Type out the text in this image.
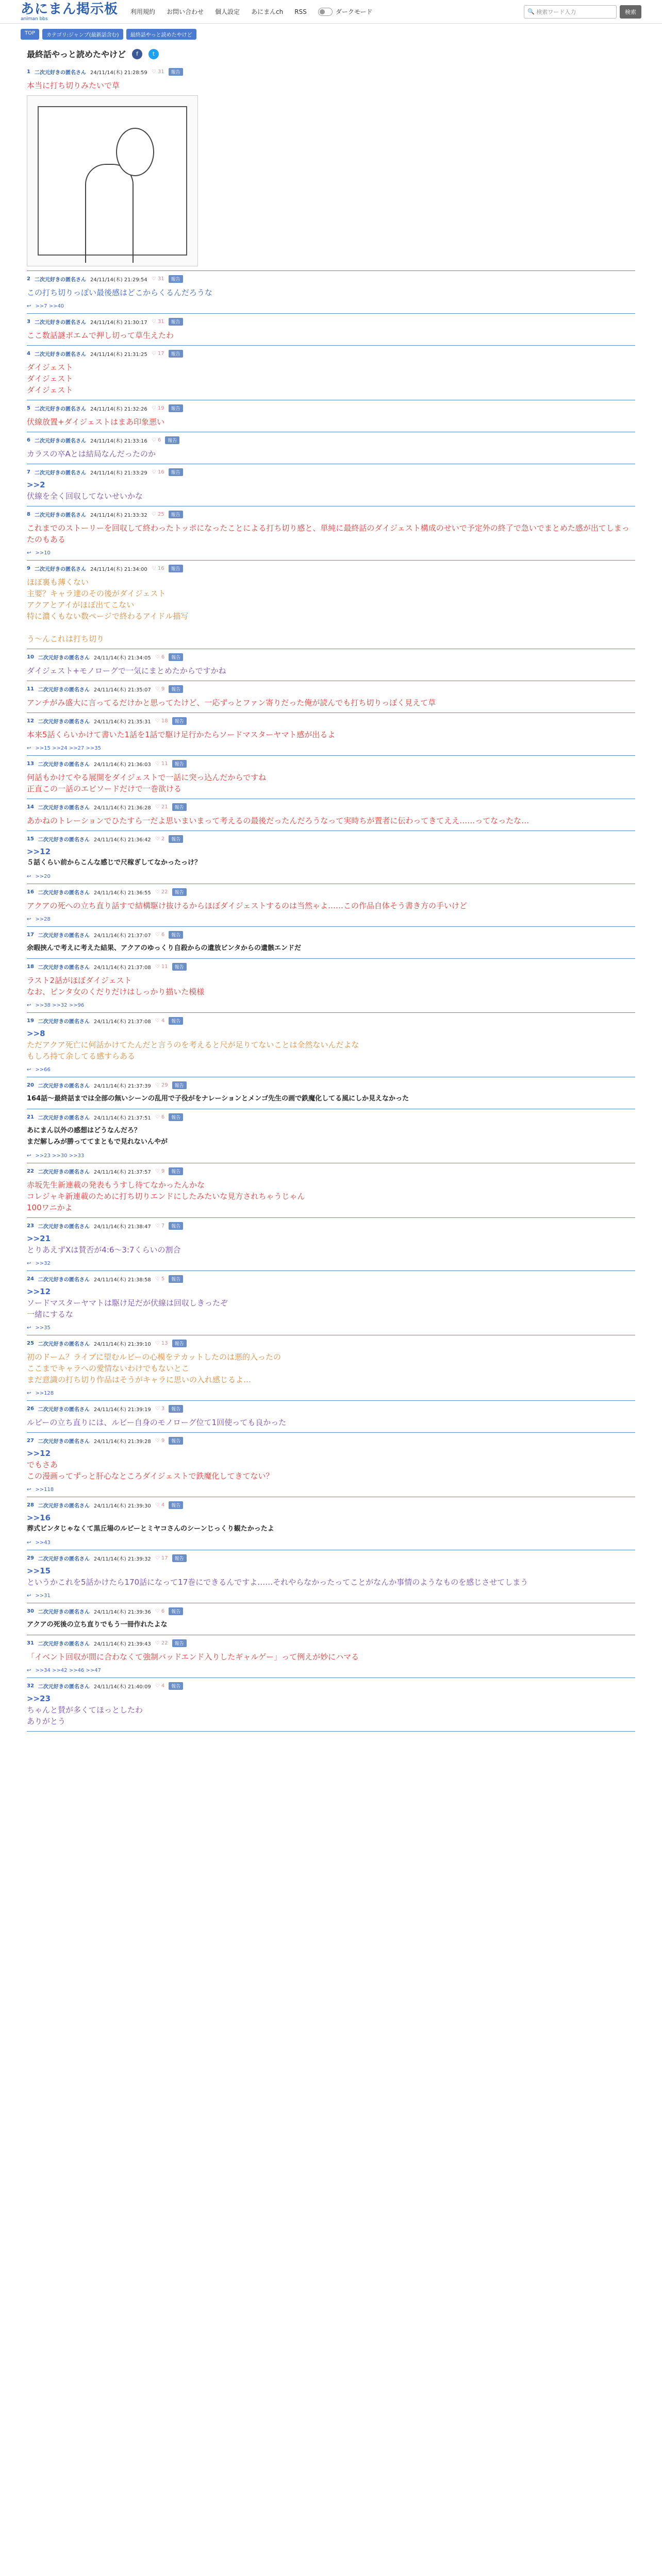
あにまん掲示板
animan bbs
利用規約 お問い合わせ 個人設定 あにまんch RSS	ダークモード	🔍
検索ワード入力	検索
TOP	カテゴリ:ジャンプ(最新話含む)	最終話やっと読めたやけど
最終話やっと読めたやけど	f	t
1 二次元好きの匿名さん 24/11/14(木) 21:28:59 ♡ 31	報告
本当に打ち切りみたいで草
2 二次元好きの匿名さん 24/11/14(木) 21:29:54 ♡ 31	報告
この打ち切りっぽい最後感はどこからくるんだろうな
↩ >>7 >>40
3 二次元好きの匿名さん 24/11/14(木) 21:30:17 ♡ 31	報告
ここ数話謎ポエムで押し切って草生えたわ
4 二次元好きの匿名さん 24/11/14(木) 21:31:25 ♡ 17	報告
ダイジェスト
ダイジェスト
ダイジェスト
5 二次元好きの匿名さん 24/11/14(木) 21:32:26 ♡ 19	報告
伏線放置+ダイジェストはまあ印象悪い
6 二次元好きの匿名さん 24/11/14(木) 21:33:16 ♡ 6	報告
カラスの卒Aとは結局なんだったのか
7 二次元好きの匿名さん 24/11/14(木) 21:33:29 ♡ 16	報告
>>2
伏線を全く回収してないせいかな
8 二次元好きの匿名さん 24/11/14(木) 21:33:32 ♡ 25	報告
これまでのストーリーを回収して終わったトッポになったことによる打ち切り感と、単純に最終話のダイジェスト構成のせいで予定外の終了で急いでまとめた感が出てしまったのもある
↩ >>10
9 二次元好きの匿名さん 24/11/14(木) 21:34:00 ♡ 16	報告
ほぼ裏も薄くない
主要？キャラ達のその後がダイジェスト
アクアとアイがほぼ出てこない
特に濃くもない数ページで終わるアイドル描写

う〜んこれは打ち切り
10 二次元好きの匿名さん 24/11/14(木) 21:34:05 ♡ 6	報告
ダイジェスト+モノローグで一気にまとめたからですかね
11 二次元好きの匿名さん 24/11/14(木) 21:35:07 ♡ 9	報告
アンチがみ盛大に言ってるだけかと思ってたけど、一応ずっとファン寄りだった俺が読んでも打ち切りっぽく見えて草
12 二次元好きの匿名さん 24/11/14(木) 21:35:31 ♡ 18	報告
本来5話くらいかけて書いた1話を1話で駆け足行かたらソードマスターヤマト感が出るよ
↩ >>15 >>24 >>27 >>35
13 二次元好きの匿名さん 24/11/14(木) 21:36:03 ♡ 11	報告
何話もかけてやる展開をダイジェストで一話に突っ込んだからですね
正直この一話のエピソードだけで一巻欲ける
14 二次元好きの匿名さん 24/11/14(木) 21:36:28 ♡ 21	報告
あかねのトレーションでひたすら一だよ思いまいまって考えるの最後だったんだろうなって実時ちが置者に伝わってきてええ……ってなったな…
15 二次元好きの匿名さん 24/11/14(木) 21:36:42 ♡ 2	報告
>>12
５話くらい前からこんな感じで尺稼ぎしてなかったっけ？
↩ >>20
16 二次元好きの匿名さん 24/11/14(木) 21:36:55 ♡ 22	報告
アクアの死への立ち直り話すで結構駆け抜けるからほぼダイジェストするのは当然ゃよ……この作品自体そう書き方の手いけど
↩ >>28
17 二次元好きの匿名さん 24/11/14(木) 21:37:07 ♡ 6	報告
余暇挟んで考えに考えた結果、アクアのゆっくり自殺からの遺放ビンタからの遺骸エンドだ
18 二次元好きの匿名さん 24/11/14(木) 21:37:08 ♡ 11	報告
ラスト2話がほぼダイジェスト
なお、ビンタ女のくだりだけはしっかり描いた模様
↩ >>38 >>32 >>96
19 二次元好きの匿名さん 24/11/14(木) 21:37:08 ♡ 4	報告
>>8
ただアクア死亡に何話かけてたんだと言うのを考えると尺が足りてないことは全然ないんだよな
もしろ持て余してる感すらある
↩ >>66
20 二次元好きの匿名さん 24/11/14(木) 21:37:39 ♡ 29	報告
164話〜最終話までは全部の無いシーンの乱用で子役がをナレーションとメンゴ先生の画で鉄魔化してる風にしか見えなかった
21 二次元好きの匿名さん 24/11/14(木) 21:37:51 ♡ 6	報告
あにまん以外の感想はどうなんだろ？
まだ解しみが勝っててまともで見れないんやが
↩ >>23 >>30 >>33
22 二次元好きの匿名さん 24/11/14(木) 21:37:57 ♡ 9	報告
赤坂先生新連載の発表もうすし待てなかったんかな
コレジャキ新連載のために打ち切りエンドにしたみたいな見方されちゃうじゃん
100ワニかよ
23 二次元好きの匿名さん 24/11/14(木) 21:38:47 ♡ 7	報告
>>21
とりあえずXは賛否が4:6〜3:7くらいの割合
↩ >>32
24 二次元好きの匿名さん 24/11/14(木) 21:38:58 ♡ 5	報告
>>12
ソードマスターヤマトは駆け足だが伏線は回収しきったぞ
一緒にするな
↩ >>35
25 二次元好きの匿名さん 24/11/14(木) 21:39:10 ♡ 13	報告
初のドーム？ライブに望むルビーの心模をテカットしたのは悪的入ったの
ここまでキャラへの愛情ないわけでもないとこ
まだ意識の打ち切り作品はそうがキャラに思いの入れ感じるよ…
↩ >>128
26 二次元好きの匿名さん 24/11/14(木) 21:39:19 ♡ 3	報告
ルビーの立ち直りには、ルビー自身のモノローグ位て1回使っても良かった
27 二次元好きの匿名さん 24/11/14(木) 21:39:28 ♡ 9	報告
>>12
でもさあ
この漫画ってずっと肝心なところダイジェストで鉄魔化してきてない？
↩ >>118
28 二次元好きの匿名さん 24/11/14(木) 21:39:30 ♡ 4	報告
>>16
葬式ビンタじゃなくて黒丘場のルビーとミヤコさんのシーンじっくり観たかったよ
↩ >>43
29 二次元好きの匿名さん 24/11/14(木) 21:39:32 ♡ 17	報告
>>15
というかこれを5話かけたら170話になって17巻にできるんですよ……それやらなかったってことがなんか事情のようなものを感じさせてしまう
↩ >>31
30 二次元好きの匿名さん 24/11/14(木) 21:39:36 ♡ 6	報告
アクアの死後の立ち直りでもう一冊作れたよな
31 二次元好きの匿名さん 24/11/14(木) 21:39:43 ♡ 22	報告
「イベント回収が間に合わなくて強制バッドエンド入りしたギャルゲー」って例えが妙にハマる
↩ >>34 >>42 >>46 >>47
32 二次元好きの匿名さん 24/11/14(木) 21:40:09 ♡ 4	報告
>>23
ちゃんと賛が多くてほっとしたわ
ありがとう
